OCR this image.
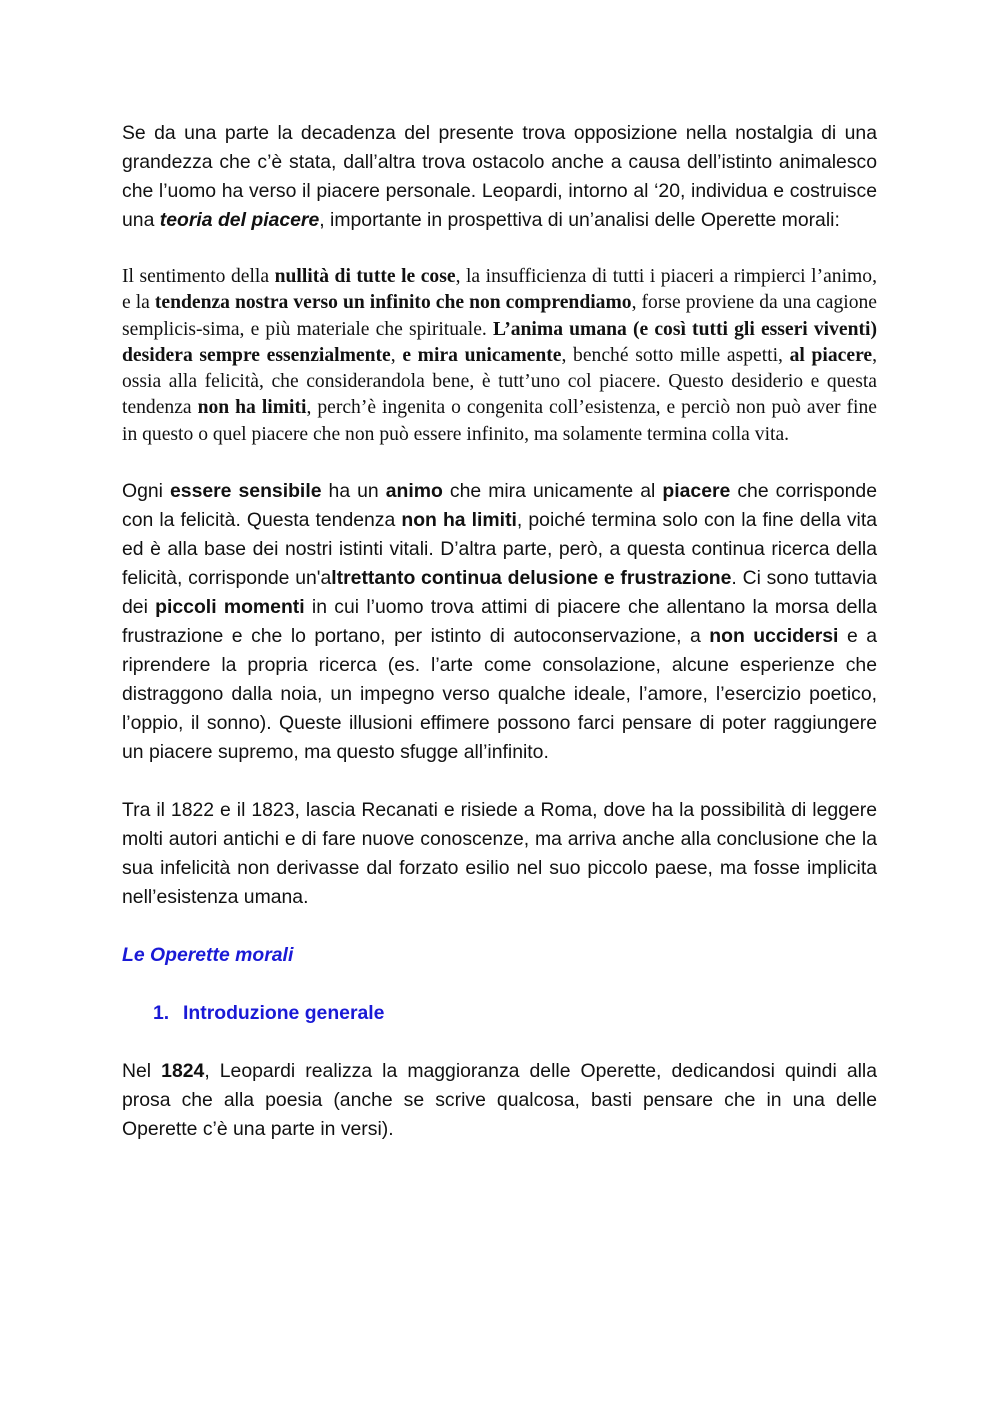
Se da una parte la decadenza del presente trova opposizione nella nostalgia di una grandezza che c’è stata, dall’altra trova ostacolo anche a causa dell’istinto animalesco che l’uomo ha verso il piacere personale. Leopardi, intorno al ‘20, individua e costruisce una teoria del piacere, importante in prospettiva di un’analisi delle Operette morali:

Il sentimento della nullità di tutte le cose, la insufficienza di tutti i piaceri a rimpierci l’animo, e la tendenza nostra verso un infinito che non comprendiamo, forse proviene da una cagione semplicis-sima, e più materiale che spirituale. L’anima umana (e così tutti gli esseri viventi) desidera sempre essenzialmente, e mira unicamente, benché sotto mille aspetti, al piacere, ossia alla felicità, che considerandola bene, è tutt’uno col piacere. Questo desiderio e questa tendenza non ha limiti, perch’è ingenita o congenita coll’esistenza, e perciò non può aver fine in questo o quel piacere che non può essere infinito, ma solamente termina colla vita.

Ogni essere sensibile ha un animo che mira unicamente al piacere che corrisponde con la felicità. Questa tendenza non ha limiti, poiché termina solo con la fine della vita ed è alla base dei nostri istinti vitali. D’altra parte, però, a questa continua ricerca della felicità, corrisponde un'altrettanto continua delusione e frustrazione. Ci sono tuttavia dei piccoli momenti in cui l’uomo trova attimi di piacere che allentano la morsa della frustrazione e che lo portano, per istinto di autoconservazione, a non uccidersi e a riprendere la propria ricerca (es. l’arte come consolazione, alcune esperienze che distraggono dalla noia, un impegno verso qualche ideale, l’amore, l’esercizio poetico, l’oppio, il sonno). Queste illusioni effimere possono farci pensare di poter raggiungere un piacere supremo, ma questo sfugge all’infinito.

Tra il 1822 e il 1823, lascia Recanati e risiede a Roma, dove ha la possibilità di leggere molti autori antichi e di fare nuove conoscenze, ma arriva anche alla conclusione che la sua infelicità non derivasse dal forzato esilio nel suo piccolo paese, ma fosse implicita nell’esistenza umana.

Le Operette morali

1. Introduzione generale

Nel 1824, Leopardi realizza la maggioranza delle Operette, dedicandosi quindi alla prosa che alla poesia (anche se scrive qualcosa, basti pensare che in una delle Operette c’è una parte in versi).
